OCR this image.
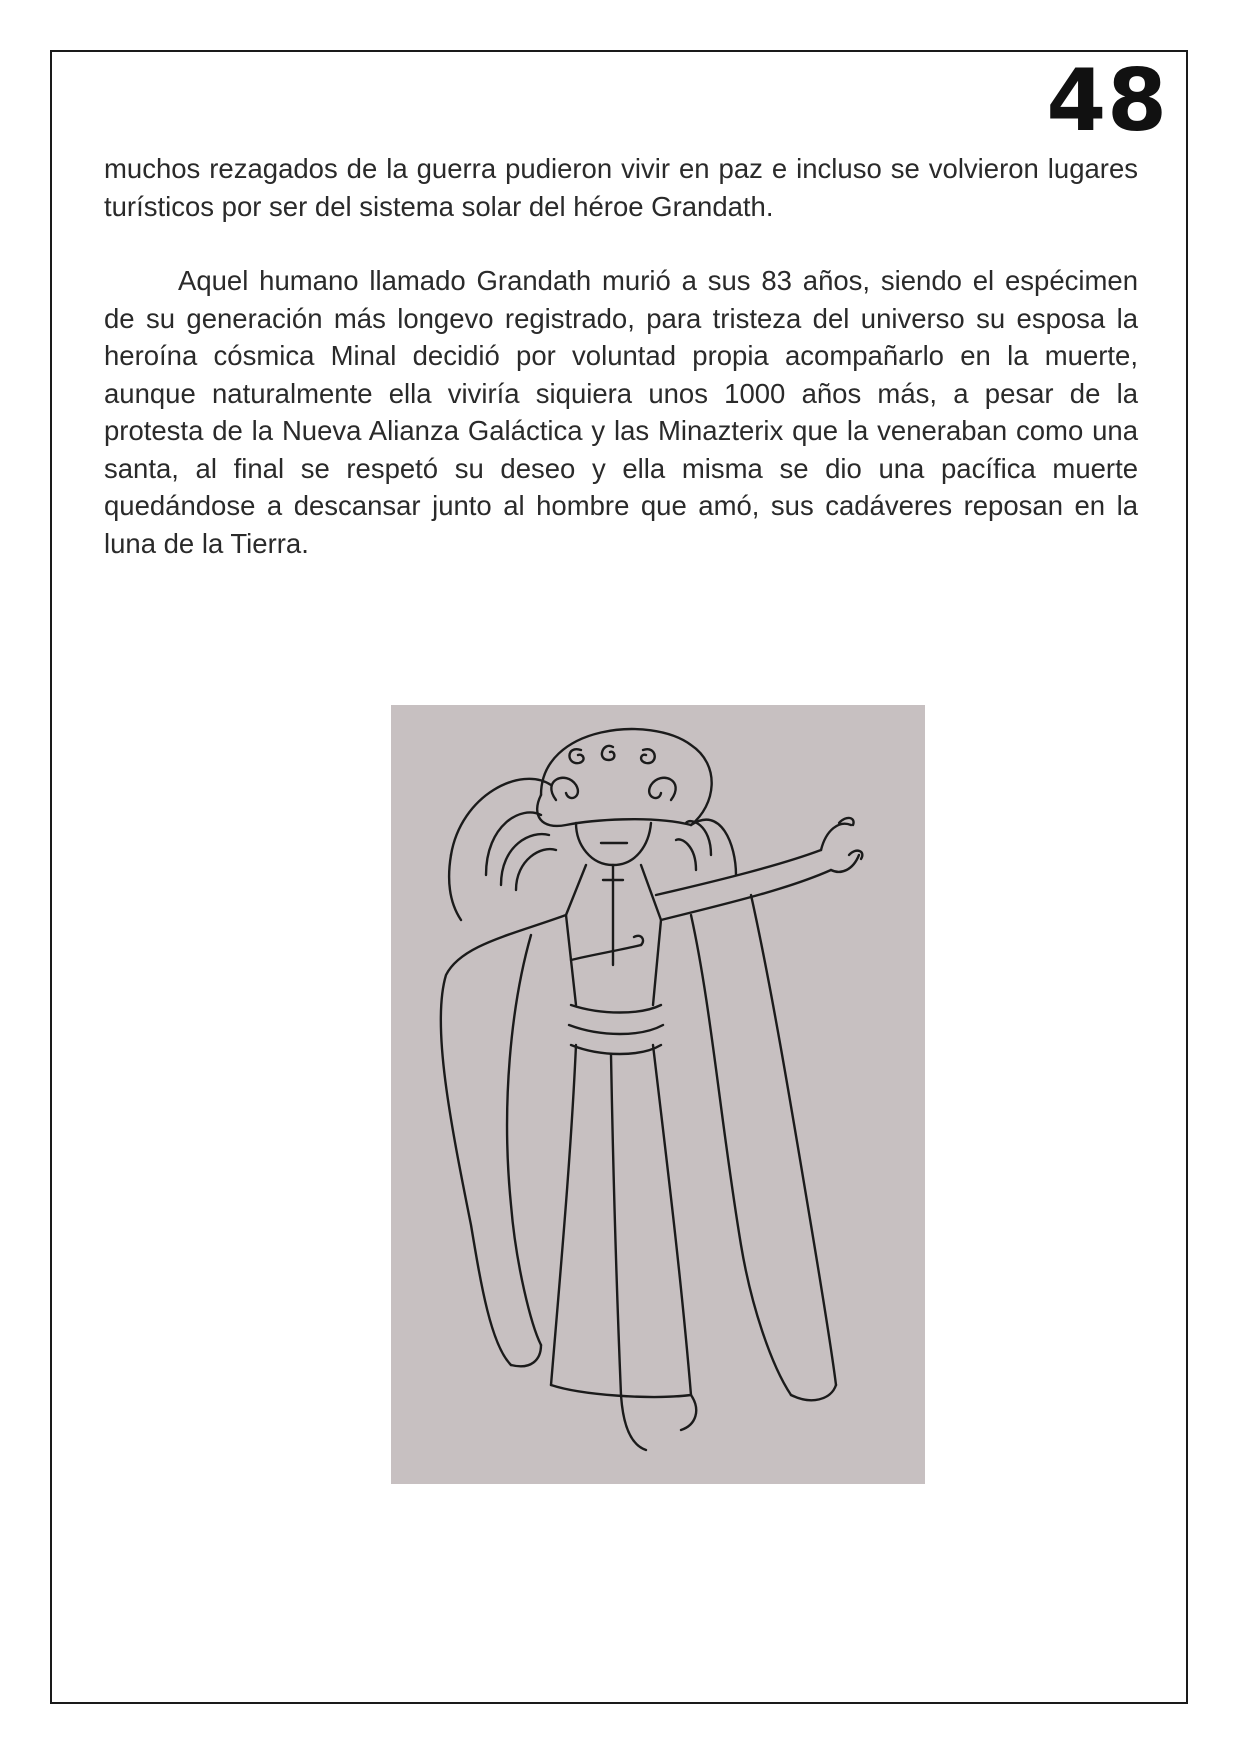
48

muchos rezagados de la guerra pudieron vivir en paz e incluso se volvieron lugares turísticos por ser del sistema solar del héroe Grandath.

Aquel humano llamado Grandath murió a sus 83 años, siendo el espécimen de su generación más longevo registrado, para tristeza del universo su esposa la heroína cósmica Minal decidió por voluntad propia acompañarlo en la muerte, aunque naturalmente ella viviría siquiera unos 1000 años más, a pesar de la protesta de la Nueva Alianza Galáctica y las Minazterix que la veneraban como una santa, al final se respetó su deseo y ella misma se dio una pacífica muerte quedándose a descansar junto al hombre que amó, sus cadáveres reposan en la luna de la Tierra.
